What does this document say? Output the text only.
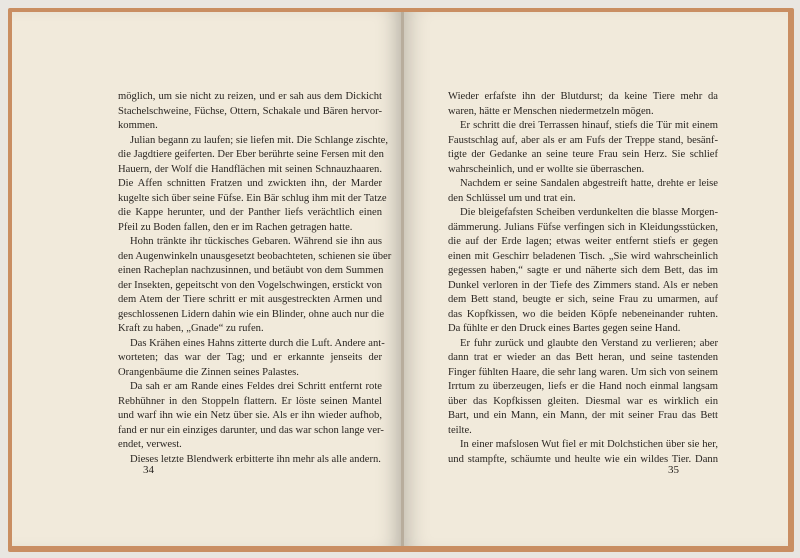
möglich, um sie nicht zu reizen, und er sah aus dem Dickicht
Stachelschweine, Füchse, Ottern, Schakale und Bären hervor-
kommen.
Julian begann zu laufen; sie liefen mit. Die Schlange zischte,
die Jagdtiere geiferten. Der Eber berührte seine Fersen mit den
Hauern, der Wolf die Handflächen mit seinen Schnauzhaaren.
Die Affen schnitten Fratzen und zwickten ihn, der Marder
kugelte sich über seine Füfse. Ein Bär schlug ihm mit der Tatze
die Kappe herunter, und der Panther liefs verächtlich einen
Pfeil zu Boden fallen, den er im Rachen getragen hatte.
Hohn tränkte ihr tückisches Gebaren. Während sie ihn aus
den Augenwinkeln unausgesetzt beobachteten, schienen sie über
einen Racheplan nachzusinnen, und betäubt von dem Summen
der Insekten, gepeitscht von den Vogelschwingen, erstickt von
dem Atem der Tiere schritt er mit ausgestreckten Armen und
geschlossenen Lidern dahin wie ein Blinder, ohne auch nur die
Kraft zu haben, „Gnade“ zu rufen.
Das Krähen eines Hahns zitterte durch die Luft. Andere ant-
worteten; das war der Tag; und er erkannte jenseits der
Orangenbäume die Zinnen seines Palastes.
Da sah er am Rande eines Feldes drei Schritt entfernt rote
Rebhühner in den Stoppeln flattern. Er löste seinen Mantel
und warf ihn wie ein Netz über sie. Als er ihn wieder aufhob,
fand er nur ein einziges darunter, und das war schon lange ver-
endet, verwest.
Dieses letzte Blendwerk erbitterte ihn mehr als alle andern.
34
Wieder erfafste ihn der Blutdurst; da keine Tiere mehr da
waren, hätte er Menschen niedermetzeln mögen.
Er schritt die drei Terrassen hinauf, stiefs die Tür mit einem
Faustschlag auf, aber als er am Fufs der Treppe stand, besänf-
tigte der Gedanke an seine teure Frau sein Herz. Sie schlief
wahrscheinlich, und er wollte sie überraschen.
Nachdem er seine Sandalen abgestreift hatte, drehte er leise
den Schlüssel um und trat ein.
Die bleigefafsten Scheiben verdunkelten die blasse Morgen-
dämmerung. Julians Füfse verfingen sich in Kleidungsstücken,
die auf der Erde lagen; etwas weiter entfernt stiefs er gegen
einen mit Geschirr beladenen Tisch. „Sie wird wahrscheinlich
gegessen haben,“ sagte er und näherte sich dem Bett, das im
Dunkel verloren in der Tiefe des Zimmers stand. Als er neben
dem Bett stand, beugte er sich, seine Frau zu umarmen, auf
das Kopfkissen, wo die beiden Köpfe nebeneinander ruhten.
Da fühlte er den Druck eines Bartes gegen seine Hand.
Er fuhr zurück und glaubte den Verstand zu verlieren; aber
dann trat er wieder an das Bett heran, und seine tastenden
Finger fühlten Haare, die sehr lang waren. Um sich von seinem
Irrtum zu überzeugen, liefs er die Hand noch einmal langsam
über das Kopfkissen gleiten. Diesmal war es wirklich ein
Bart, und ein Mann, ein Mann, der mit seiner Frau das Bett
teilte.
In einer mafslosen Wut fiel er mit Dolchstichen über sie her,
und stampfte, schäumte und heulte wie ein wildes Tier. Dann
35
